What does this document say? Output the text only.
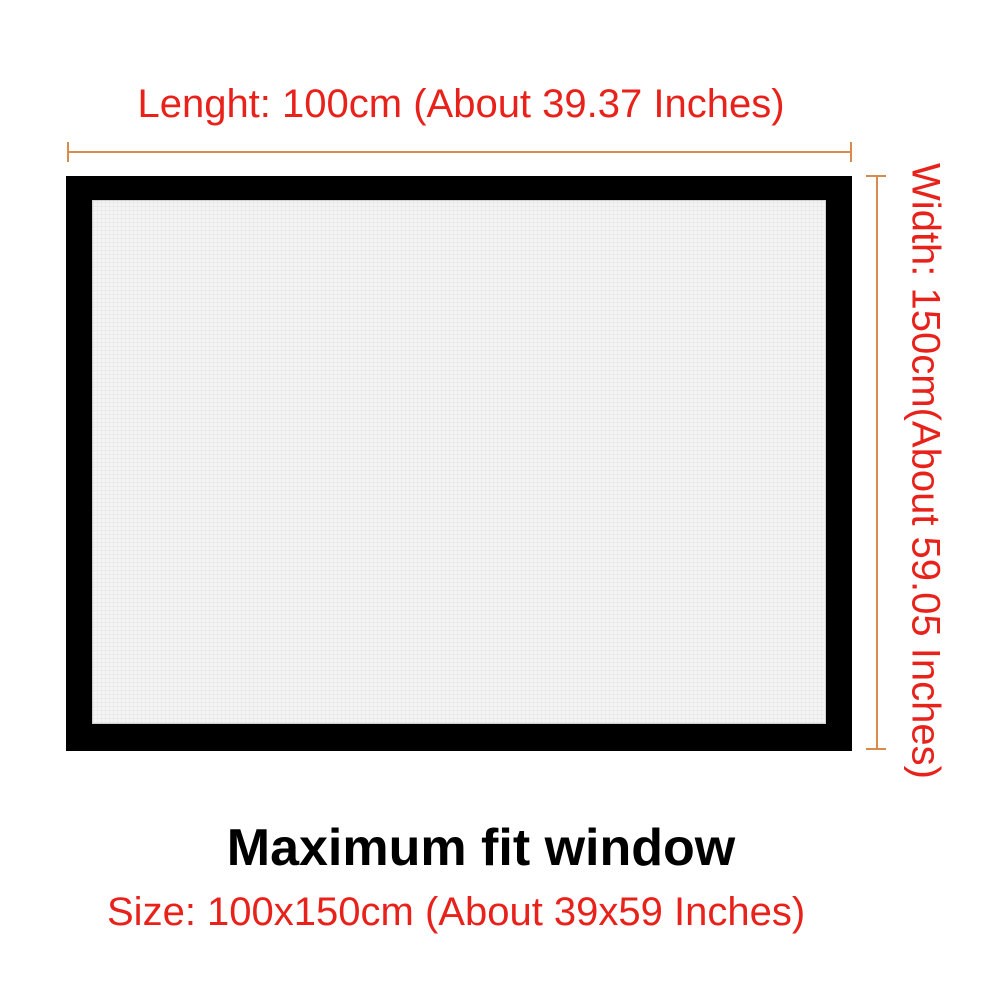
Lenght: 100cm (About 39.37 Inches)
Width: 150cm(About 59.05 Inches)
Maximum fit window
Size: 100x150cm (About 39x59 Inches)
